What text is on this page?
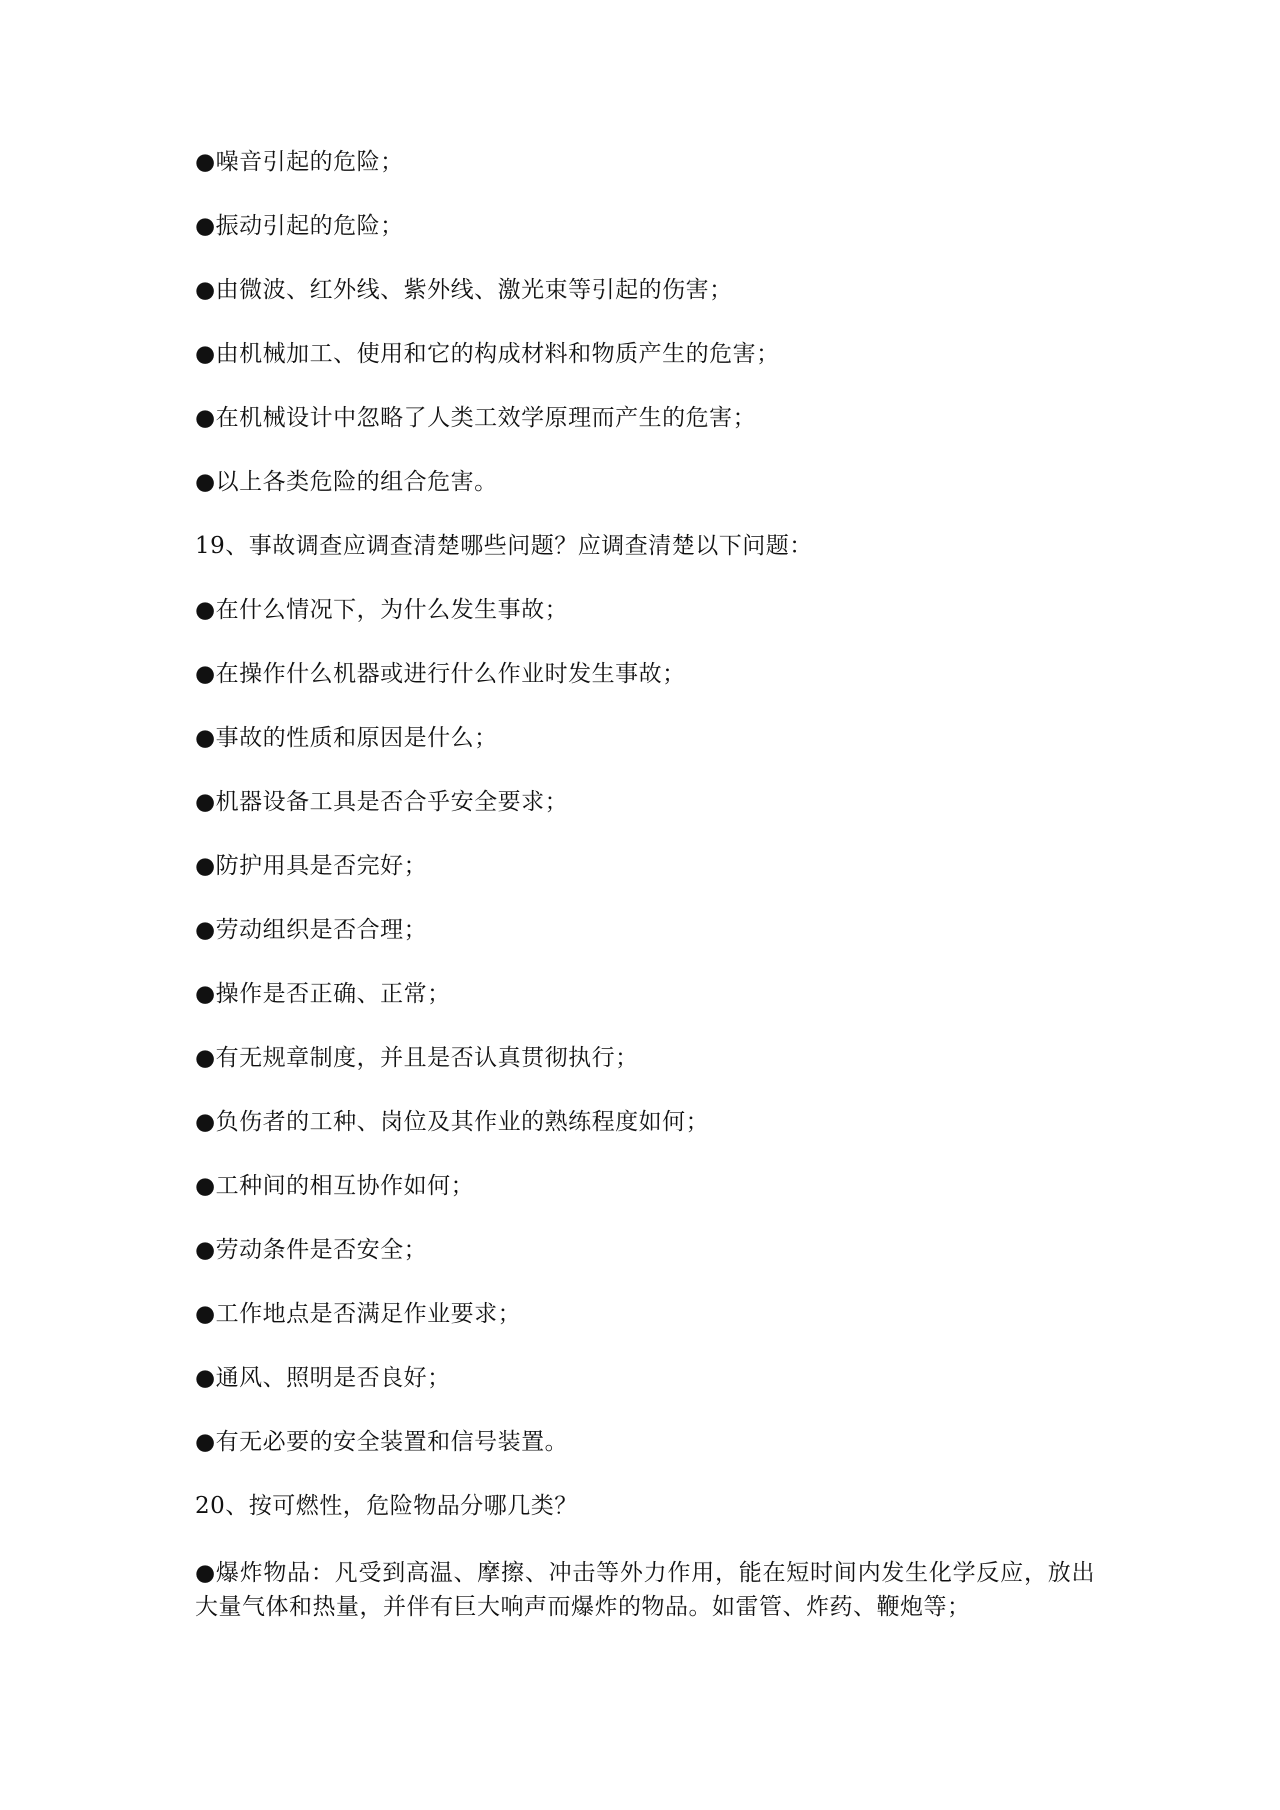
●噪音引起的危险；
●振动引起的危险；
●由微波、红外线、紫外线、激光束等引起的伤害；
●由机械加工、使用和它的构成材料和物质产生的危害；
●在机械设计中忽略了人类工效学原理而产生的危害；
●以上各类危险的组合危害。
19、事故调查应调查清楚哪些问题？应调查清楚以下问题：
●在什么情况下，为什么发生事故；
●在操作什么机器或进行什么作业时发生事故；
●事故的性质和原因是什么；
●机器设备工具是否合乎安全要求；
●防护用具是否完好；
●劳动组织是否合理；
●操作是否正确、正常；
●有无规章制度，并且是否认真贯彻执行；
●负伤者的工种、岗位及其作业的熟练程度如何；
●工种间的相互协作如何；
●劳动条件是否安全；
●工作地点是否满足作业要求；
●通风、照明是否良好；
●有无必要的安全装置和信号装置。
20、按可燃性，危险物品分哪几类？
●爆炸物品：凡受到高温、摩擦、冲击等外力作用，能在短时间内发生化学反应，放出大量气体和热量，并伴有巨大响声而爆炸的物品。如雷管、炸药、鞭炮等；
